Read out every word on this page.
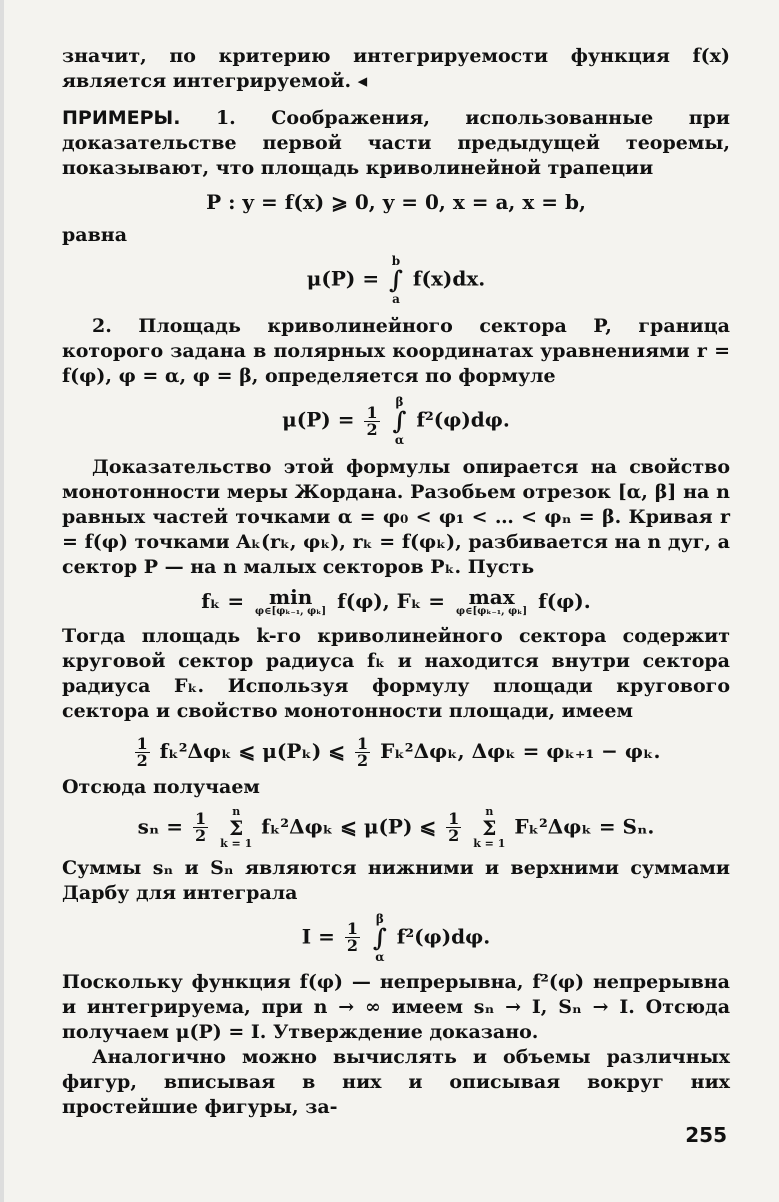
значит, по критерию интегрируемости функция f(x) является интегрируемой. ◂

ПРИМЕРЫ. 1. Соображения, использованные при доказательстве первой части предыдущей теоремы, показывают, что площадь криволинейной трапеции

P : y = f(x) ⩾ 0, y = 0, x = a, x = b,

равна

μ(P) =
b
∫
a
f(x)dx.

2. Площадь криволинейного сектора P, граница которого задана в полярных координатах уравнениями r = f(φ), φ = α, φ = β, определяется по формуле

$\mu(P) = \frac{1}{2}$

β
∫
α
f²(φ)dφ.

Доказательство этой формулы опирается на свойство монотонности меры Жордана. Разобьем отрезок [α, β] на n равных частей точками α = φ₀ < φ₁ < … < φₙ = β. Кривая r = f(φ) точками Aₖ(rₖ, φₖ), rₖ = f(φₖ), разбивается на n дуг, а сектор P — на n малых секторов Pₖ. Пусть

fₖ =	min
φ∈[φₖ₋₁, φₖ] f(φ), Fₖ =	max
φ∈[φₖ₋₁, φₖ] f(φ).

Тогда площадь k-го криволинейного сектора содержит круговой сектор радиуса fₖ и находится внутри сектора радиуса Fₖ. Используя формулу площади кругового сектора и свойство монотонности площади, имеем

$\frac{1}{2} f_k^2\Delta\varphi_k$ ⩽ μ(Pₖ) ⩽ $\frac{1}{2} F_k^2\Delta\varphi_k$, Δφₖ = φₖ₊₁ − φₖ.

Отсюда получаем

$s_n = \frac{1}{2}$
	n
Σ
k = 1
fₖ²Δφₖ ⩽ μ(P) ⩽ $\frac{1}{2}$
	n
Σ
k = 1
Fₖ²Δφₖ = Sₙ.

Суммы sₙ и Sₙ являются нижними и верхними суммами Дарбу для интеграла

$I = \frac{1}{2}$

β
∫
α
f²(φ)dφ.

Поскольку функция f(φ) — непрерывна, f²(φ) непрерывна и интегрируема, при n → ∞ имеем sₙ → I, Sₙ → I. Отсюда получаем μ(P) = I. Утверждение доказано.

Аналогично можно вычислять и объемы различных фигур, вписывая в них и описывая вокруг них простейшие фигуры, за-

255
